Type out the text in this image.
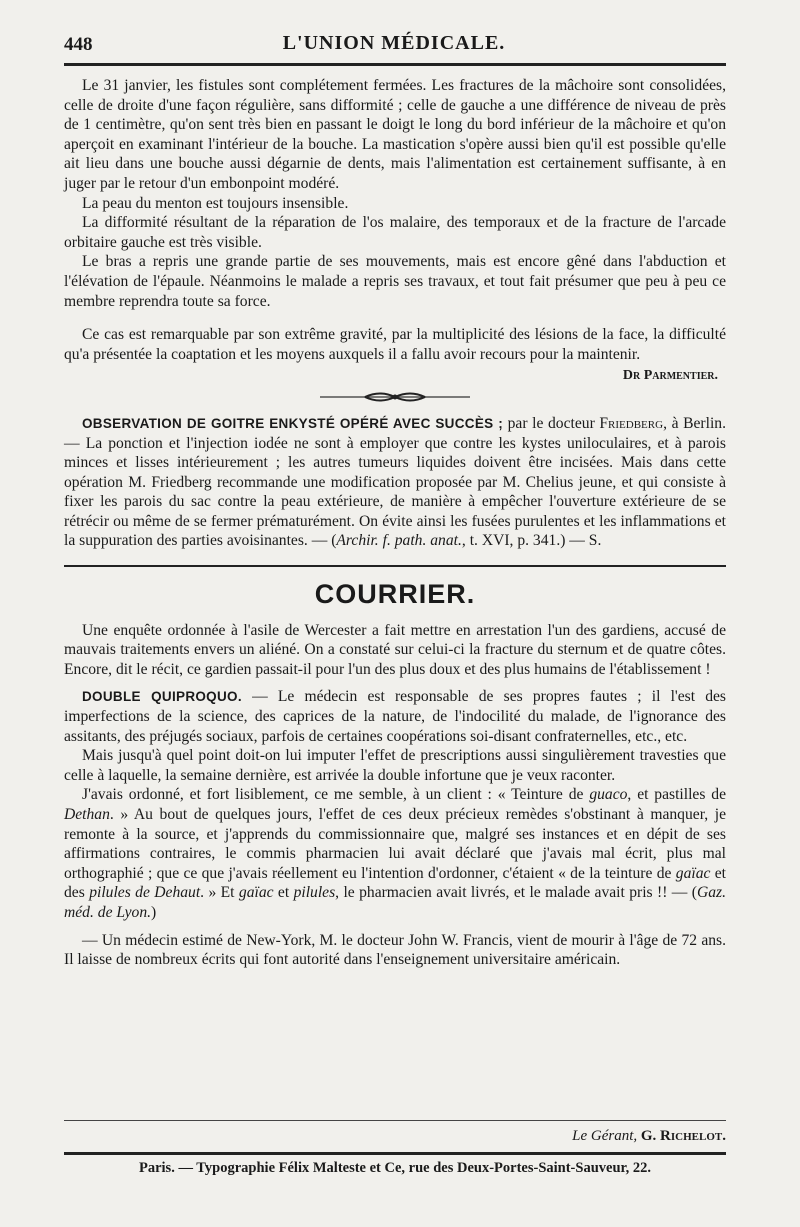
448	L'UNION MÉDICALE.

Le 31 janvier, les fistules sont complétement fermées. Les fractures de la mâchoire sont consolidées, celle de droite d'une façon régulière, sans difformité ; celle de gauche a une différence de niveau de près de 1 centimètre, qu'on sent très bien en passant le doigt le long du bord inférieur de la mâchoire et qu'on aperçoit en examinant l'intérieur de la bouche. La mastication s'opère aussi bien qu'il est possible qu'elle ait lieu dans une bouche aussi dégarnie de dents, mais l'alimentation est certainement suffisante, à en juger par le retour d'un embonpoint modéré.

La peau du menton est toujours insensible.

La difformité résultant de la réparation de l'os malaire, des temporaux et de la fracture de l'arcade orbitaire gauche est très visible.

Le bras a repris une grande partie de ses mouvements, mais est encore gêné dans l'abduction et l'élévation de l'épaule. Néanmoins le malade a repris ses travaux, et tout fait présumer que peu à peu ce membre reprendra toute sa force.

Ce cas est remarquable par son extrême gravité, par la multiplicité des lésions de la face, la difficulté qu'a présentée la coaptation et les moyens auxquels il a fallu avoir recours pour la maintenir.

Dr Parmentier.

OBSERVATION DE GOITRE ENKYSTÉ OPÉRÉ AVEC SUCCÈS ; par le docteur Friedberg, à Berlin. — La ponction et l'injection iodée ne sont à employer que contre les kystes uniloculaires, et à parois minces et lisses intérieurement ; les autres tumeurs liquides doivent être incisées. Mais dans cette opération M. Friedberg recommande une modification proposée par M. Chelius jeune, et qui consiste à fixer les parois du sac contre la peau extérieure, de manière à empêcher l'ouverture extérieure de se rétrécir ou même de se fermer prématurément. On évite ainsi les fusées purulentes et les inflammations et la suppuration des parties avoisinantes. — (Archir. f. path. anat., t. XVI, p. 341.) — S.

COURRIER.

Une enquête ordonnée à l'asile de Wercester a fait mettre en arrestation l'un des gardiens, accusé de mauvais traitements envers un aliéné. On a constaté sur celui-ci la fracture du sternum et de quatre côtes. Encore, dit le récit, ce gardien passait-il pour l'un des plus doux et des plus humains de l'établissement !

DOUBLE QUIPROQUO. — Le médecin est responsable de ses propres fautes ; il l'est des imperfections de la science, des caprices de la nature, de l'indocilité du malade, de l'ignorance des assitants, des préjugés sociaux, parfois de certaines coopérations soi-disant confraternelles, etc., etc.

Mais jusqu'à quel point doit-on lui imputer l'effet de prescriptions aussi singulièrement travesties que celle à laquelle, la semaine dernière, est arrivée la double infortune que je veux raconter.

J'avais ordonné, et fort lisiblement, ce me semble, à un client : « Teinture de guaco, et pastilles de Dethan. » Au bout de quelques jours, l'effet de ces deux précieux remèdes s'obstinant à manquer, je remonte à la source, et j'apprends du commissionnaire que, malgré ses instances et en dépit de ses affirmations contraires, le commis pharmacien lui avait déclaré que j'avais mal écrit, plus mal orthographié ; que ce que j'avais réellement eu l'intention d'ordonner, c'étaient « de la teinture de gaïac et des pilules de Dehaut. » Et gaïac et pilules, le pharmacien avait livrés, et le malade avait pris !! — (Gaz. méd. de Lyon.)

— Un médecin estimé de New-York, M. le docteur John W. Francis, vient de mourir à l'âge de 72 ans. Il laisse de nombreux écrits qui font autorité dans l'enseignement universitaire américain.

Le Gérant, G. Richelot.
Paris. — Typographie Félix Malteste et Ce, rue des Deux-Portes-Saint-Sauveur, 22.
